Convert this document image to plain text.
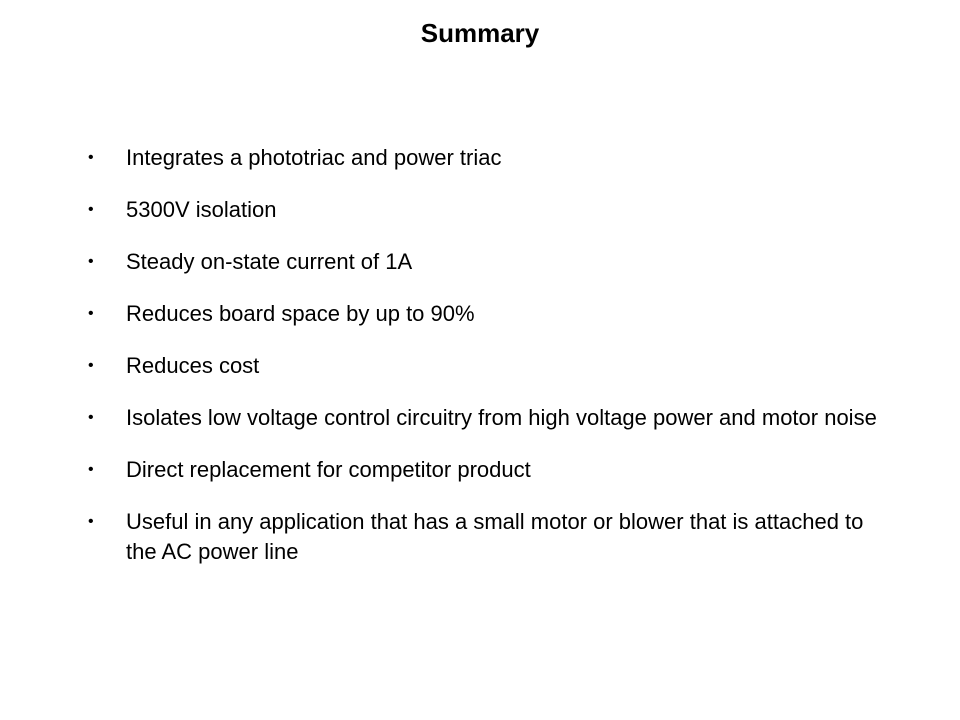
Summary
•	Integrates a phototriac and power triac
•	5300V isolation
•	Steady on-state current of 1A
•	Reduces board space by up to 90%
•	Reduces cost
•	Isolates low voltage control circuitry from high voltage power and motor noise
•	Direct replacement for competitor product
•	Useful in any application that has a small motor or blower that is attached to the AC power line
